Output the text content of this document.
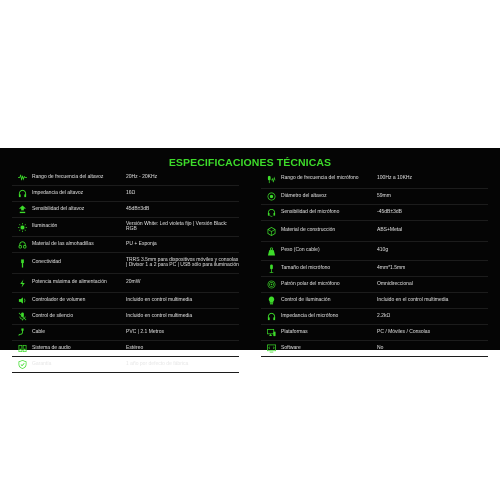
ESPECIFICACIONES TÉCNICAS
Rango de frecuencia del altavoz	20Hz - 20KHz
Impedancia del altavoz	16Ω
Sensibilidad del altavoz	45dB±3dB
Iluminación	Versión White: Led violeta fijo | Versión Black: RGB
Material de las almohadillas	PU + Esponja
Conectividad	TRRS 3.5mm para dispositivos móviles y consolas | Divisor 1 a 2 para PC | USB sólo para iluminación
Potencia máxima de alimentación	20mW
Controlador de volumen	Incluido en control multimedia
Control de silencio	Incluido en control multimedia
Cable	PVC | 2.1 Metros
Sistema de audio	Estéreo
Garantía	1 año por defecto de fábrica
Rango de frecuencia del micrófono	100Hz a 10KHz
Diámetro del altavoz	59mm
Sensibilidad del micrófono	-45dB±3dB
Material de construcción	ABS+Metal
Peso (Con cable)	410g
Tamaño del micrófono	4mm*1.5mm
Patrón polar del micrófono	Omnidireccional
Control de iluminación	Incluido en el control multimedia
Impedancia del micrófono	2.2kΩ
Plataformas	PC / Móviles / Consolas
Software	No
